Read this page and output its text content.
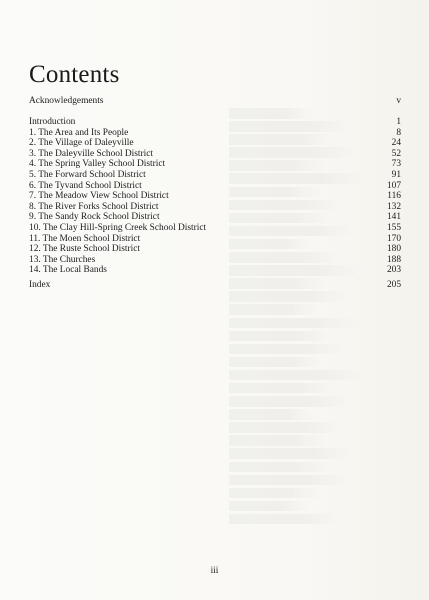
Contents
Acknowledgements	v
Introduction	1
1. The Area and Its People	8
2. The Village of Daleyville	24
3. The Daleyville School District	52
4. The Spring Valley School District	73
5. The Forward School District	91
6. The Tyvand School District	107
7. The Meadow View School District	116
8. The River Forks School District	132
9. The Sandy Rock School District	141
10. The Clay Hill-Spring Creek School District	155
11. The Moen School District	170
12. The Ruste School District	180
13. The Churches	188
14. The Local Bands	203
Index	205
iii
